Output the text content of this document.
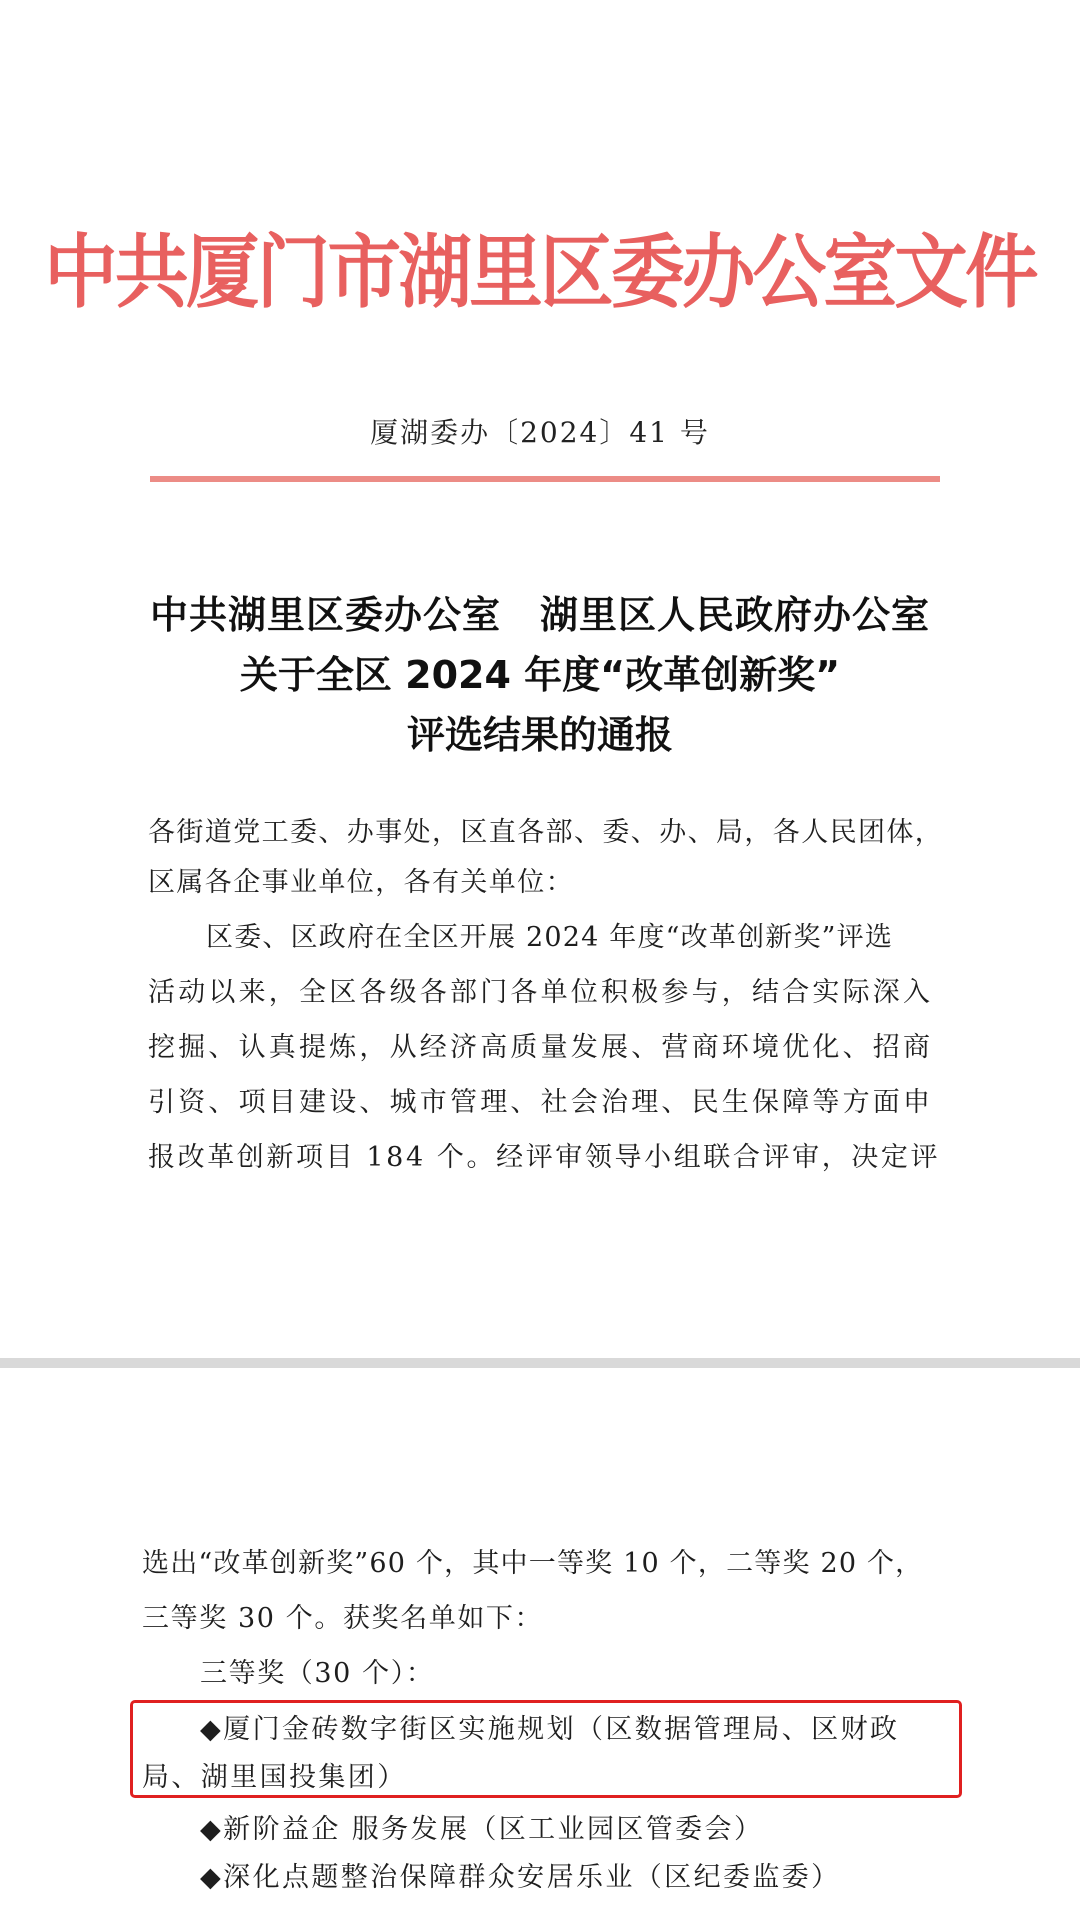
中共厦门市湖里区委办公室文件
厦湖委办〔2024〕41 号
中共湖里区委办公室　湖里区人民政府办公室
关于全区 2024 年度“改革创新奖”
评选结果的通报
各街道党工委、办事处，区直各部、委、办、局，各人民团体，
区属各企事业单位，各有关单位：
区委、区政府在全区开展 2024 年度“改革创新奖”评选
活动以来，全区各级各部门各单位积极参与，结合实际深入
挖掘、认真提炼，从经济高质量发展、营商环境优化、招商
引资、项目建设、城市管理、社会治理、民生保障等方面申
报改革创新项目 184 个。经评审领导小组联合评审，决定评
选出“改革创新奖”60 个，其中一等奖 10 个，二等奖 20 个，
三等奖 30 个。获奖名单如下：
三等奖（30 个）：
◆厦门金砖数字街区实施规划（区数据管理局、区财政
局、湖里国投集团）
◆新阶益企 服务发展（区工业园区管委会）
◆深化点题整治保障群众安居乐业（区纪委监委）
